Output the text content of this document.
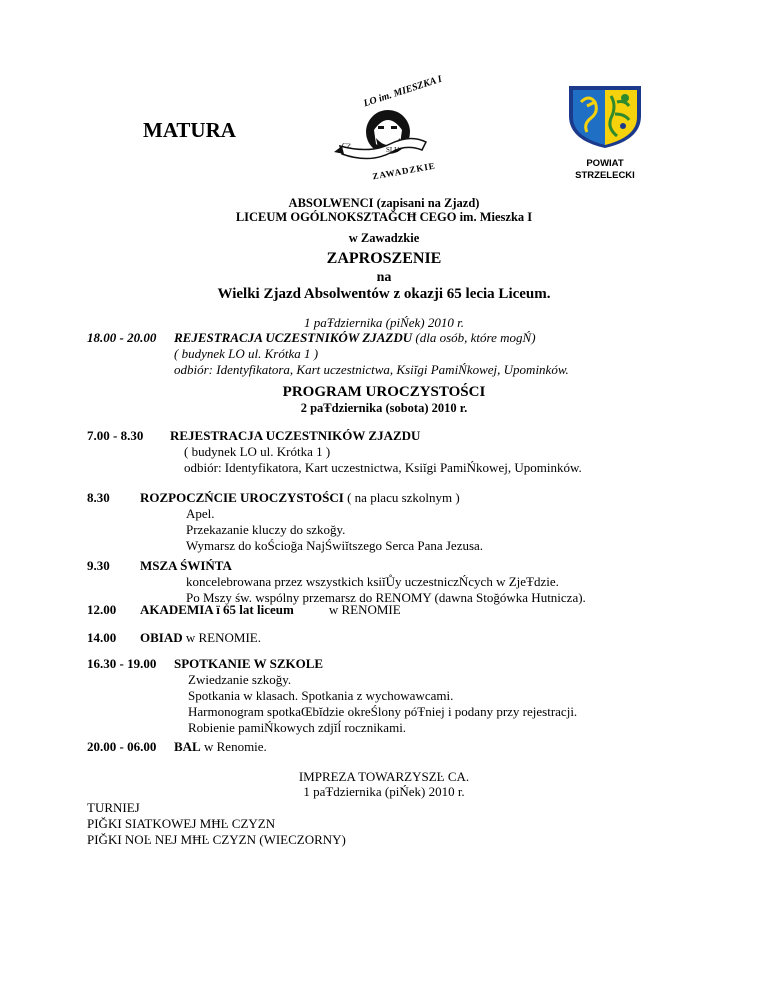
MATURA
LO im. MIESZKA I
CZ.	SLU
ZAWADZKIE	POWIAT
STRZELECKI
ABSOLWENCI (zapisani na Zjazd)
LICEUM OGÓLNOKSZTAĞCĦ CEGO im. Mieszka I
w Zawadzkie
ZAPROSZENIE
na
Wielki Zjazd Absolwentów z okazji 65 lecia Liceum.
1 paŦdziernika (piŃek) 2010 r.
18.00 - 20.00 REJESTRACJA UCZESTNIKÓW ZJAZDU (dla osób, które mogŃ)
( budynek LO ul. Krótka 1 )
odbiór: Identyfikatora, Kart uczestnictwa, Ksiĭgi PamiŃkowej, Upominków.
PROGRAM UROCZYSTOŚCI
2 paŦdziernika (sobota) 2010 r.
7.00 - 8.30 REJESTRACJA UCZESTNIKÓW ZJAZDU
( budynek LO ul. Krótka 1 )
odbiór: Identyfikatora, Kart uczestnictwa, Ksiĭgi PamiŃkowej, Upominków.
8.30 ROZPOCZŃCIE UROCZYSTOŚCI ( na placu szkolnym )
Apel.
Przekazanie kluczy do szkoğy.
Wymarsz do koŚcioğa NajŚwiĭtszego Serca Pana Jezusa.
9.30 MSZA ŚWIŃTA
koncelebrowana przez wszystkich ksiĭŮy uczestniczŃcych w ZjeŦdzie.
Po Mszy św. wspólny przemarsz do RENOMY (dawna Stoğówka Hutnicza).
12.00 AKADEMIA ï 65 lat liceum	w RENOMIE
14.00 OBIAD w RENOMIE.
16.30 - 19.00 SPOTKANIE W SZKOLE
Zwiedzanie szkoğy.
Spotkania w klasach. Spotkania z wychowawcami.
Harmonogram spotkaŒbĭdzie okreŚlony póŦniej i podany przy rejestracji.
Robienie pamiŃkowych zdjĭĺ rocznikami.
20.00 - 06.00 BAL w Renomie.
IMPREZA TOWARZYSZĿ CA.
1 paŦdziernika (piŃek) 2010 r.
TURNIEJ
PIĞKI SIATKOWEJ MĦĿ CZYZN
PIĞKI NOĿ NEJ MĦĿ CZYZN (WIECZORNY)
